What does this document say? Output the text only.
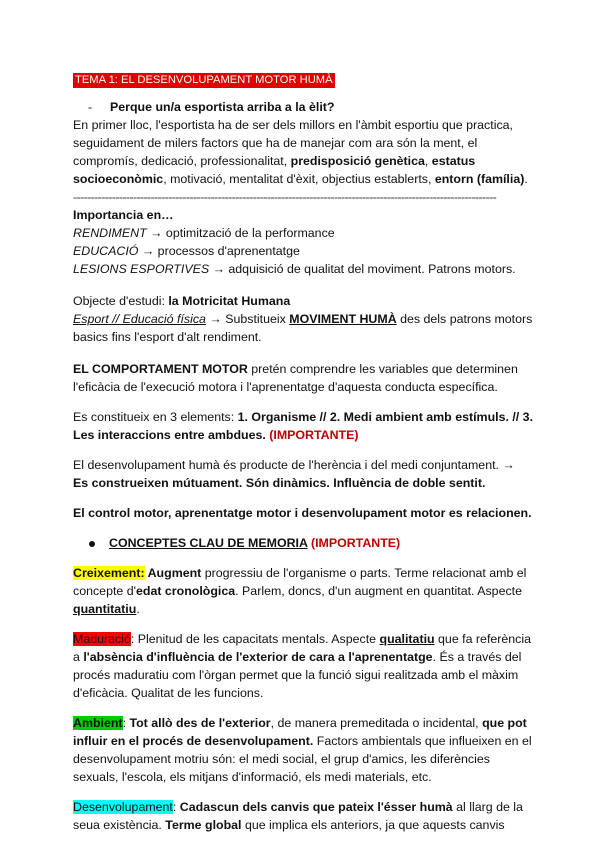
TEMA 1: EL DESENVOLUPAMENT MOTOR HUMÀ

- Perque un/a esportista arriba a la èlit?

En primer lloc, l'esportista ha de ser dels millors en l'àmbit esportiu que practica, seguidament de milers factors que ha de manejar com ara són la ment, el compromís, dedicació, professionalitat, predisposició genètica, estatus socioeconòmic, motivació, mentalitat d'èxit, objectius establerts, entorn (família).

------------------------------------------------------------------------------------------------------------------------

Importancia en…

RENDIMENT → optimització de la performance

EDUCACIÓ → processos d'aprenentatge

LESIONS ESPORTIVES → adquisició de qualitat del moviment. Patrons motors.

Objecte d'estudi: la Motricitat Humana

Esport // Educació física → Substitueix MOVIMENT HUMÀ des dels patrons motors basics fins l'esport d'alt rendiment.

EL COMPORTAMENT MOTOR pretén comprendre les variables que determinen l'eficàcia de l'execució motora i l'aprenentatge d'aquesta conducta específica.

Es constitueix en 3 elements: 1. Organisme // 2. Medi ambient amb estímuls. // 3. Les interaccions entre ambdues. (IMPORTANTE)

El desenvolupament humà és producte de l'herència i del medi conjuntament. → Es construeixen mútuament. Són dinàmics. Influència de doble sentit.

El control motor, aprenentatge motor i desenvolupament motor es relacionen.

CONCEPTES CLAU DE MEMORIA (IMPORTANTE)

Creixement: Augment progressiu de l'organisme o parts. Terme relacionat amb el concepte d'edat cronològica. Parlem, doncs, d'un augment en quantitat. Aspecte quantitatiu.

Maduració: Plenitud de les capacitats mentals. Aspecte qualitatiu que fa referència a l'absència d'influència de l'exterior de cara a l'aprenentatge. És a través del procés maduratiu com l'òrgan permet que la funció sigui realitzada amb el màxim d'eficàcia. Qualitat de les funcions.

Ambient: Tot allò des de l'exterior, de manera premeditada o incidental, que pot influir en el procés de desenvolupament. Factors ambientals que influeixen en el desenvolupament motriu són: el medi social, el grup d'amics, les diferències sexuals, l'escola, els mitjans d'informació, els medi materials, etc.

Desenvolupament: Cadascun dels canvis que pateix l'ésser humà al llarg de la seua existència. Terme global que implica els anteriors, ja que aquests canvis
